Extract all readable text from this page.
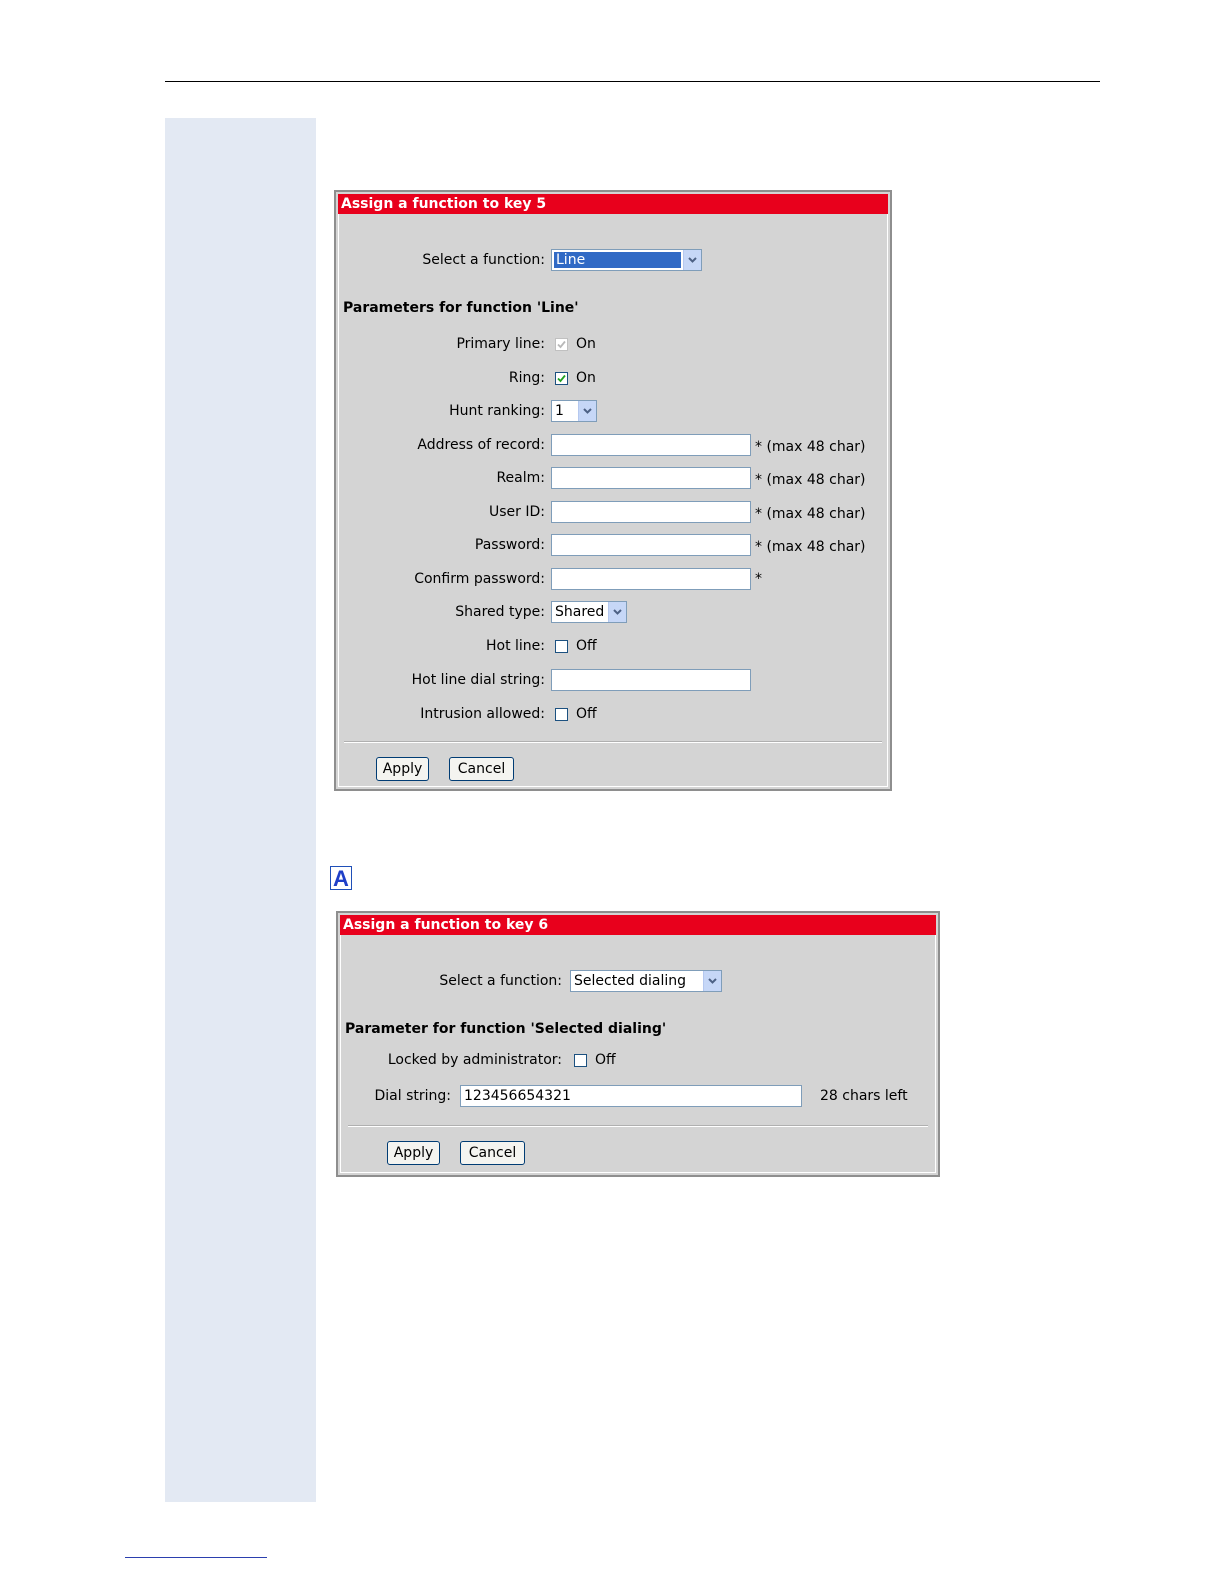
Assign a function to key 5
Select a function: Line
Parameters for function 'Line'
Primary line: On
Ring: On
Hunt ranking: 1
Address of record:	* (max 48 char)
Realm:	* (max 48 char)
User ID:	* (max 48 char)
Password:	* (max 48 char)
Confirm password:	*
Shared type: Shared
Hot line: Off
Hot line dial string:
Intrusion allowed: Off
Apply	Cancel
A
Assign a function to key 6
Select a function: Selected dialing
Parameter for function 'Selected dialing'
Locked by administrator: Off
Dial string: 123456654321	28 chars left
Apply	Cancel
